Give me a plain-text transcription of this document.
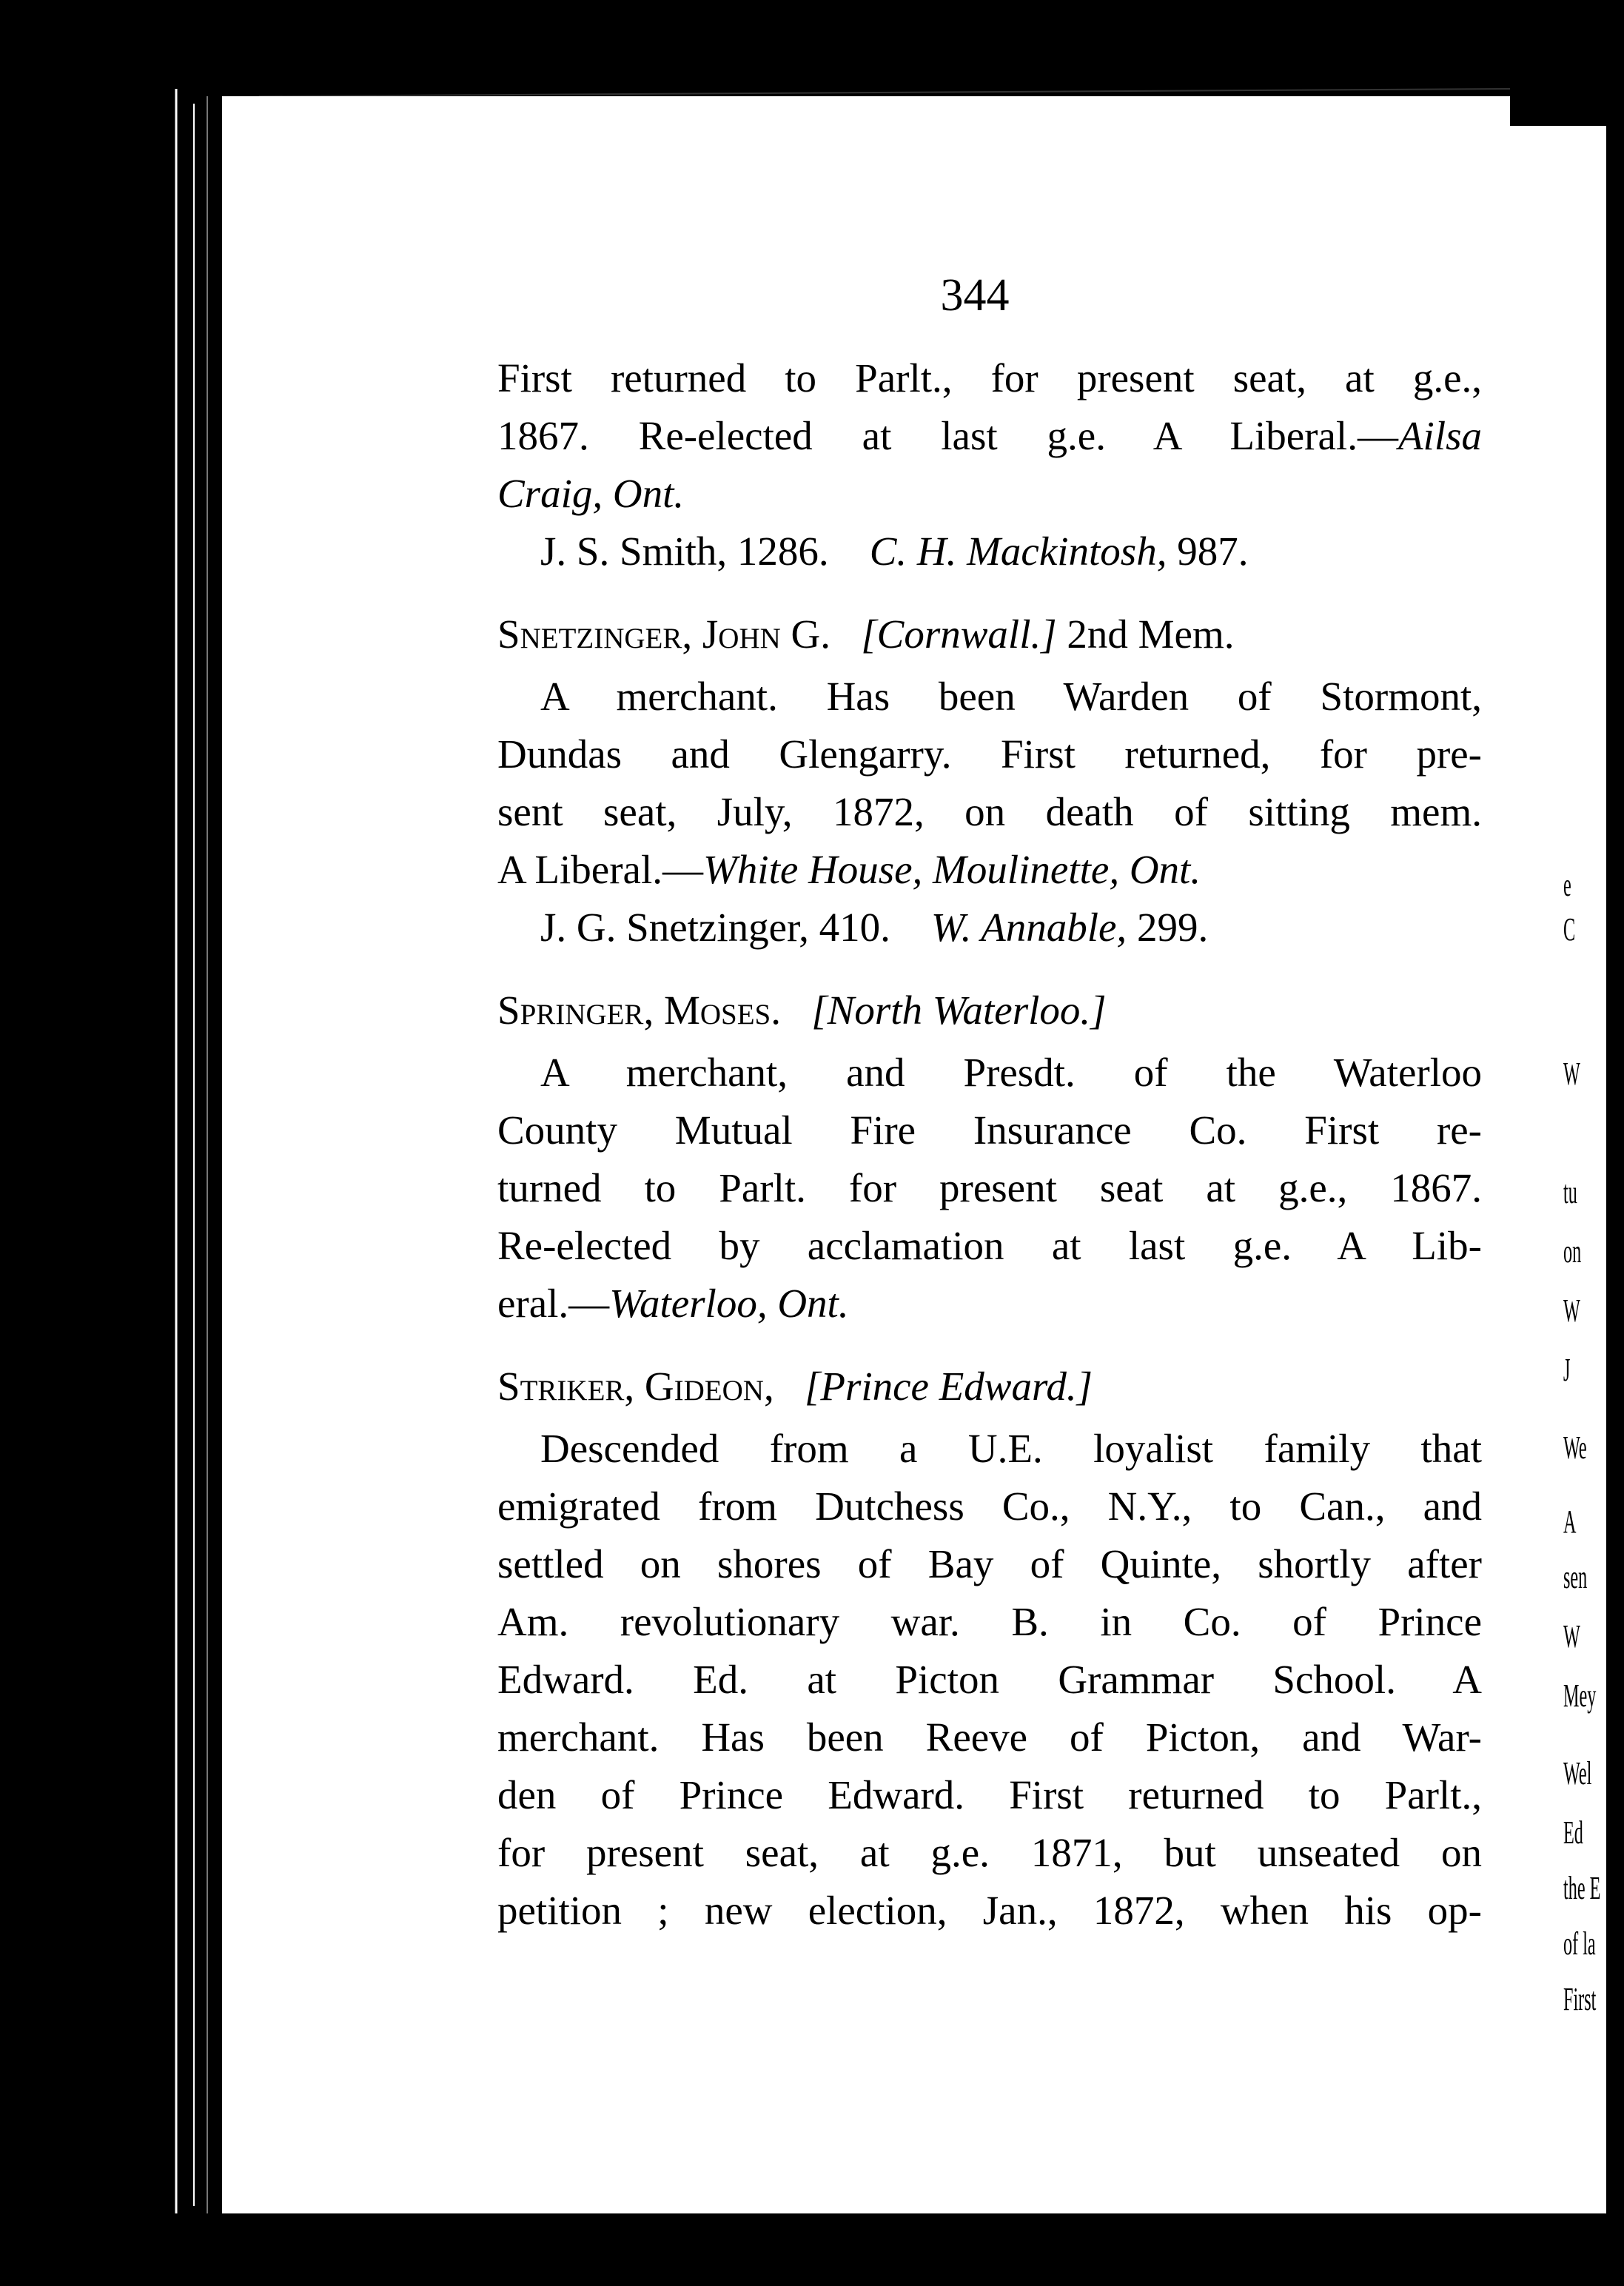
e
C
W
tu
on
W
J
We
A
sen
W
Mey
Wel
Ed
the E
of la
First
344
First returned to Parlt., for present seat, at g.e.,
1867. Re-elected at last g.e. A Liberal.—Ailsa
Craig, Ont.
J. S. Smith, 1286. C. H. Mackintosh, 987.
Snetzinger, John G. [Cornwall.] 2nd Mem.
A merchant. Has been Warden of Stormont,
Dundas and Glengarry. First returned, for pre-
sent seat, July, 1872, on death of sitting mem.
A Liberal.—White House, Moulinette, Ont.
J. G. Snetzinger, 410. W. Annable, 299.
Springer, Moses. [North Waterloo.]
A merchant, and Presdt. of the Waterloo
County Mutual Fire Insurance Co. First re-
turned to Parlt. for present seat at g.e., 1867.
Re-elected by acclamation at last g.e. A Lib-
eral.—Waterloo, Ont.
Striker, Gideon, [Prince Edward.]
Descended from a U.E. loyalist family that
emigrated from Dutchess Co., N.Y., to Can., and
settled on shores of Bay of Quinte, shortly after
Am. revolutionary war. B. in Co. of Prince
Edward. Ed. at Picton Grammar School. A
merchant. Has been Reeve of Picton, and War-
den of Prince Edward. First returned to Parlt.,
for present seat, at g.e. 1871, but unseated on
petition ; new election, Jan., 1872, when his op-
